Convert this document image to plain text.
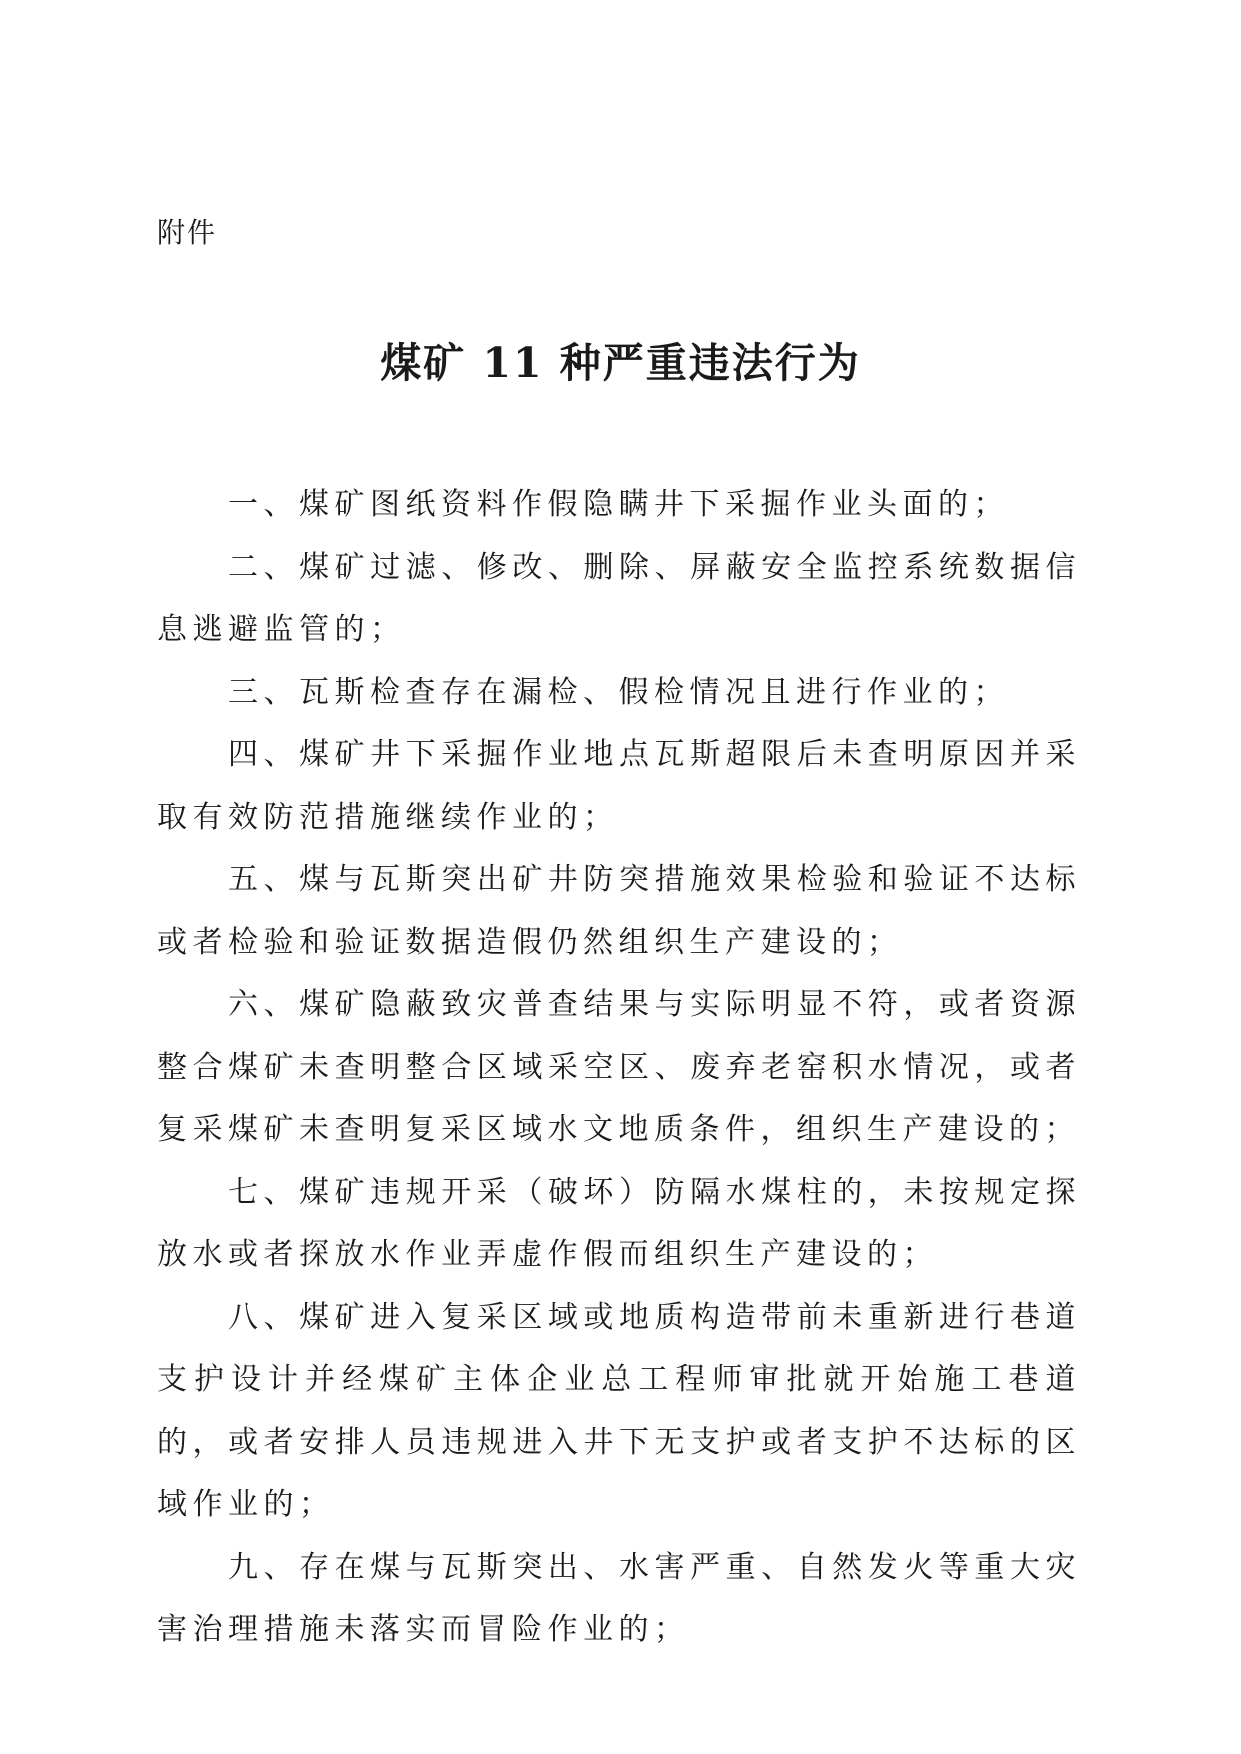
附件
煤矿 11 种严重违法行为

一、煤矿图纸资料作假隐瞒井下采掘作业头面的；

二、煤矿过滤、修改、删除、屏蔽安全监控系统数据信息逃避监管的；

三、瓦斯检查存在漏检、假检情况且进行作业的；

四、煤矿井下采掘作业地点瓦斯超限后未查明原因并采取有效防范措施继续作业的；

五、煤与瓦斯突出矿井防突措施效果检验和验证不达标或者检验和验证数据造假仍然组织生产建设的；

六、煤矿隐蔽致灾普查结果与实际明显不符，或者资源整合煤矿未查明整合区域采空区、废弃老窑积水情况，或者复采煤矿未查明复采区域水文地质条件，组织生产建设的；

七、煤矿违规开采（破坏）防隔水煤柱的，未按规定探放水或者探放水作业弄虚作假而组织生产建设的；

八、煤矿进入复采区域或地质构造带前未重新进行巷道支护设计并经煤矿主体企业总工程师审批就开始施工巷道的，或者安排人员违规进入井下无支护或者支护不达标的区域作业的；

九、存在煤与瓦斯突出、水害严重、自然发火等重大灾害治理措施未落实而冒险作业的；
